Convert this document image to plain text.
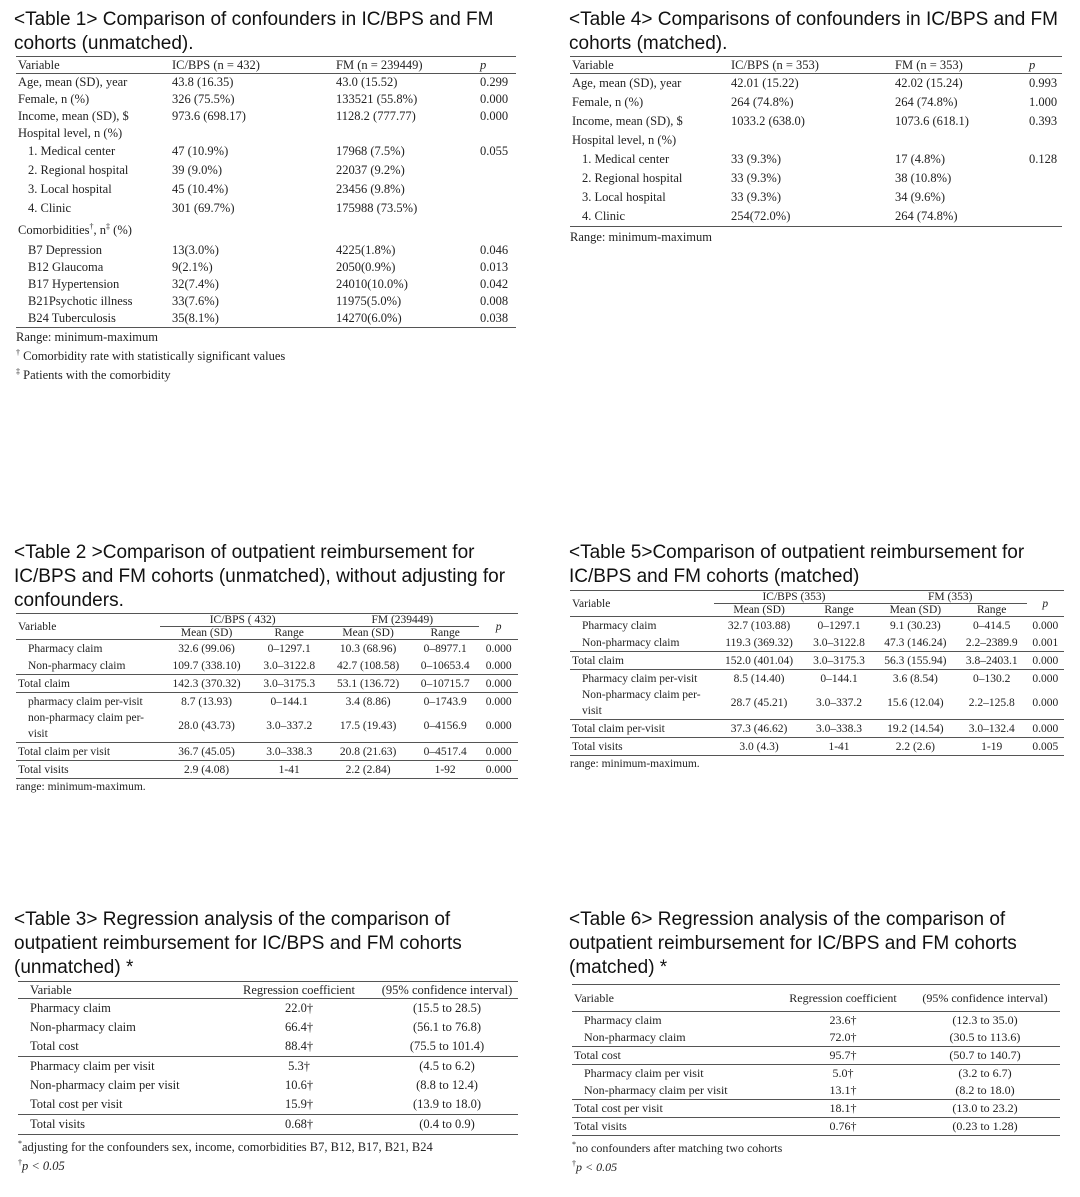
<Table 1> Comparison of confounders in IC/BPS and FM cohorts (unmatched).

Variable	IC/BPS (n = 432)	FM (n = 239449)	p
Age, mean (SD), year	43.8 (16.35)	43.0 (15.52)	0.299
Female, n (%)	326 (75.5%)	133521 (55.8%)	0.000
Income, mean (SD), $	973.6 (698.17)	1128.2 (777.77)	0.000
Hospital level, n (%)			
1. Medical center	47 (10.9%)	17968 (7.5%)	0.055
2. Regional hospital	39 (9.0%)	22037 (9.2%)	
3. Local hospital	45 (10.4%)	23456 (9.8%)	
4. Clinic	301 (69.7%)	175988 (73.5%)	
Comorbidities†, n‡ (%)			
B7 Depression	13(3.0%)	4225(1.8%)	0.046
B12 Glaucoma	9(2.1%)	2050(0.9%)	0.013
B17 Hypertension	32(7.4%)	24010(10.0%)	0.042
B21Psychotic illness	33(7.6%)	11975(5.0%)	0.008
B24 Tuberculosis	35(8.1%)	14270(6.0%)	0.038

Range: minimum-maximum

† Comorbidity rate with statistically significant values

‡ Patients with the comorbidity

<Table 4> Comparisons of confounders in IC/BPS and FM cohorts (matched).

Variable	IC/BPS (n = 353)	FM (n = 353)	p
Age, mean (SD), year	42.01 (15.22)	42.02 (15.24)	0.993
Female, n (%)	264 (74.8%)	264 (74.8%)	1.000
Income, mean (SD), $	1033.2 (638.0)	1073.6 (618.1)	0.393
Hospital level, n (%)			
1. Medical center	33 (9.3%)	17 (4.8%)	0.128
2. Regional hospital	33 (9.3%)	38 (10.8%)	
3. Local hospital	33 (9.3%)	34 (9.6%)	
4. Clinic	254(72.0%)	264 (74.8%)	

Range: minimum-maximum

<Table 2 >Comparison of outpatient reimbursement for IC/BPS and FM cohorts (unmatched), without adjusting for confounders.

Variable	IC/BPS ( 432)		FM (239449)		p
	Mean (SD)	Range	Mean (SD)	Range	
Pharmacy claim	32.6 (99.06)	0–1297.1	10.3 (68.96)	0–8977.1	0.000
Non-pharmacy claim	109.7 (338.10)	3.0–3122.8	42.7 (108.58)	0–10653.4	0.000
Total claim	142.3 (370.32)	3.0–3175.3	53.1 (136.72)	0–10715.7	0.000
pharmacy claim per-visit	8.7 (13.93)	0–144.1	3.4 (8.86)	0–1743.9	0.000
non-pharmacy claim per-visit	28.0 (43.73)	3.0–337.2	17.5 (19.43)	0–4156.9	0.000
Total claim per visit	36.7 (45.05)	3.0–338.3	20.8 (21.63)	0–4517.4	0.000
Total visits	2.9 (4.08)	1-41	2.2 (2.84)	1-92	0.000

range: minimum-maximum.

<Table 5>Comparison of outpatient reimbursement for IC/BPS and FM cohorts (matched)

Variable	IC/BPS (353)		FM (353)		p
	Mean (SD)	Range	Mean (SD)	Range	
Pharmacy claim	32.7 (103.88)	0–1297.1	9.1 (30.23)	0–414.5	0.000
Non-pharmacy claim	119.3 (369.32)	3.0–3122.8	47.3 (146.24)	2.2–2389.9	0.001
Total claim	152.0 (401.04)	3.0–3175.3	56.3 (155.94)	3.8–2403.1	0.000
Pharmacy claim per-visit	8.5 (14.40)	0–144.1	3.6 (8.54)	0–130.2	0.000
Non-pharmacy claim per-visit	28.7 (45.21)	3.0–337.2	15.6 (12.04)	2.2–125.8	0.000
Total claim per-visit	37.3 (46.62)	3.0–338.3	19.2 (14.54)	3.0–132.4	0.000
Total visits	3.0 (4.3)	1-41	2.2 (2.6)	1-19	0.005

range: minimum-maximum.

<Table 3> Regression analysis of the comparison of outpatient reimbursement for IC/BPS and FM cohorts (unmatched) *

Variable	Regression coefficient	(95% confidence interval)
Pharmacy claim	22.0†	(15.5 to 28.5)
Non-pharmacy claim	66.4†	(56.1 to 76.8)
Total cost	88.4†	(75.5 to 101.4)
Pharmacy claim per visit	5.3†	(4.5 to 6.2)
Non-pharmacy claim per visit	10.6†	(8.8 to 12.4)
Total cost per visit	15.9†	(13.9 to 18.0)
Total visits	0.68†	(0.4 to 0.9)

*adjusting for the confounders sex, income, comorbidities B7, B12, B17, B21, B24

†p < 0.05

<Table 6> Regression analysis of the comparison of outpatient reimbursement for IC/BPS and FM cohorts (matched) *

Variable	Regression coefficient	(95% confidence interval)
Pharmacy claim	23.6†	(12.3 to 35.0)
Non-pharmacy claim	72.0†	(30.5 to 113.6)
Total cost	95.7†	(50.7 to 140.7)
Pharmacy claim per visit	5.0†	(3.2 to 6.7)
Non-pharmacy claim per visit	13.1†	(8.2 to 18.0)
Total cost per visit	18.1†	(13.0 to 23.2)
Total visits	0.76†	(0.23 to 1.28)

*no confounders after matching two cohorts

†p < 0.05
